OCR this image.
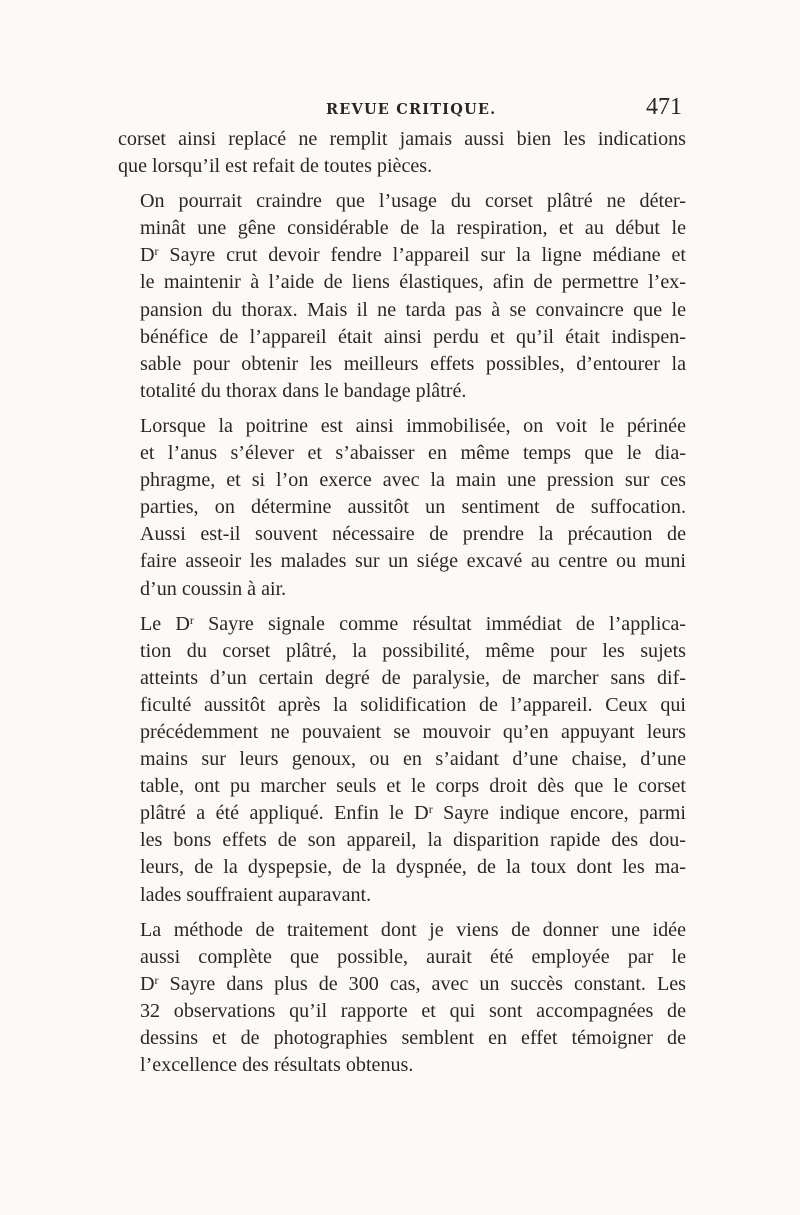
REVUE CRITIQUE.	471

corset ainsi replacé ne remplit jamais aussi bien les indications
que lorsqu’il est refait de toutes pièces.

On pourrait craindre que l’usage du corset plâtré ne déter-
minât une gêne considérable de la respiration, et au début le
$D^r$ Sayre crut devoir fendre l’appareil sur la ligne médiane et
le maintenir à l’aide de liens élastiques, afin de permettre l’ex-
pansion du thorax. Mais il ne tarda pas à se convaincre que le
bénéfice de l’appareil était ainsi perdu et qu’il était indispen-
sable pour obtenir les meilleurs effets possibles, d’entourer la
totalité du thorax dans le bandage plâtré.

Lorsque la poitrine est ainsi immobilisée, on voit le périnée
et l’anus s’élever et s’abaisser en même temps que le dia-
phragme, et si l’on exerce avec la main une pression sur ces
parties, on détermine aussitôt un sentiment de suffocation.
Aussi est-il souvent nécessaire de prendre la précaution de
faire asseoir les malades sur un siége excavé au centre ou muni
d’un coussin à air.

Le $D^r$ Sayre signale comme résultat immédiat de l’applica-
tion du corset plâtré, la possibilité, même pour les sujets
atteints d’un certain degré de paralysie, de marcher sans dif-
ficulté aussitôt après la solidification de l’appareil. Ceux qui
précédemment ne pouvaient se mouvoir qu’en appuyant leurs
mains sur leurs genoux, ou en s’aidant d’une chaise, d’une
table, ont pu marcher seuls et le corps droit dès que le corset
plâtré a été appliqué. Enfin le $D^r$ Sayre indique encore, parmi
les bons effets de son appareil, la disparition rapide des dou-
leurs, de la dyspepsie, de la dyspnée, de la toux dont les ma-
lades souffraient auparavant.

La méthode de traitement dont je viens de donner une idée
aussi complète que possible, aurait été employée par le
$D^r$ Sayre dans plus de 300 cas, avec un succès constant. Les
32 observations qu’il rapporte et qui sont accompagnées de
dessins et de photographies semblent en effet témoigner de
l’excellence des résultats obtenus.
